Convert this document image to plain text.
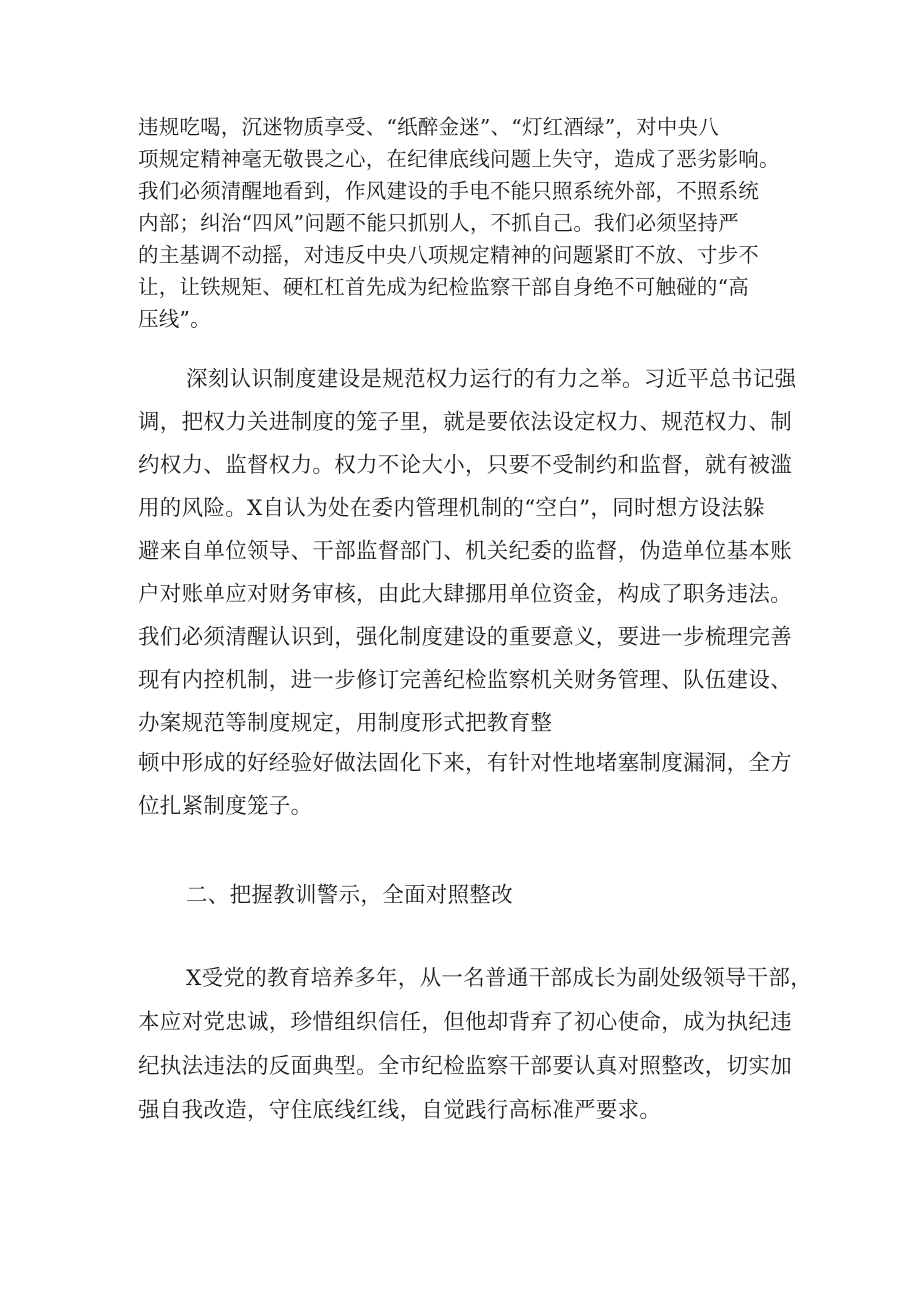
违规吃喝，沉迷物质享受、“纸醉金迷”、“灯红酒绿”，对中央八

项规定精神毫无敬畏之心，在纪律底线问题上失守，造成了恶劣影响。

我们必须清醒地看到，作风建设的手电不能只照系统外部，不照系统

内部；纠治“四风”问题不能只抓别人，不抓自己。我们必须坚持严

的主基调不动摇，对违反中央八项规定精神的问题紧盯不放、寸步不

让，让铁规矩、硬杠杠首先成为纪检监察干部自身绝不可触碰的“高

压线”。

深刻认识制度建设是规范权力运行的有力之举。习近平总书记强

调，把权力关进制度的笼子里，就是要依法设定权力、规范权力、制

约权力、监督权力。权力不论大小，只要不受制约和监督，就有被滥

用的风险。X自认为处在委内管理机制的“空白”，同时想方设法躲

避来自单位领导、干部监督部门、机关纪委的监督，伪造单位基本账

户对账单应对财务审核，由此大肆挪用单位资金，构成了职务违法。

我们必须清醒认识到，强化制度建设的重要意义，要进一步梳理完善

现有内控机制，进一步修订完善纪检监察机关财务管理、队伍建设、

办案规范等制度规定，用制度形式把教育整

顿中形成的好经验好做法固化下来，有针对性地堵塞制度漏洞，全方

位扎紧制度笼子。

二、把握教训警示，全面对照整改

X受党的教育培养多年，从一名普通干部成长为副处级领导干部，

本应对党忠诚，珍惜组织信任，但他却背弃了初心使命，成为执纪违

纪执法违法的反面典型。全市纪检监察干部要认真对照整改，切实加

强自我改造，守住底线红线，自觉践行高标准严要求。
